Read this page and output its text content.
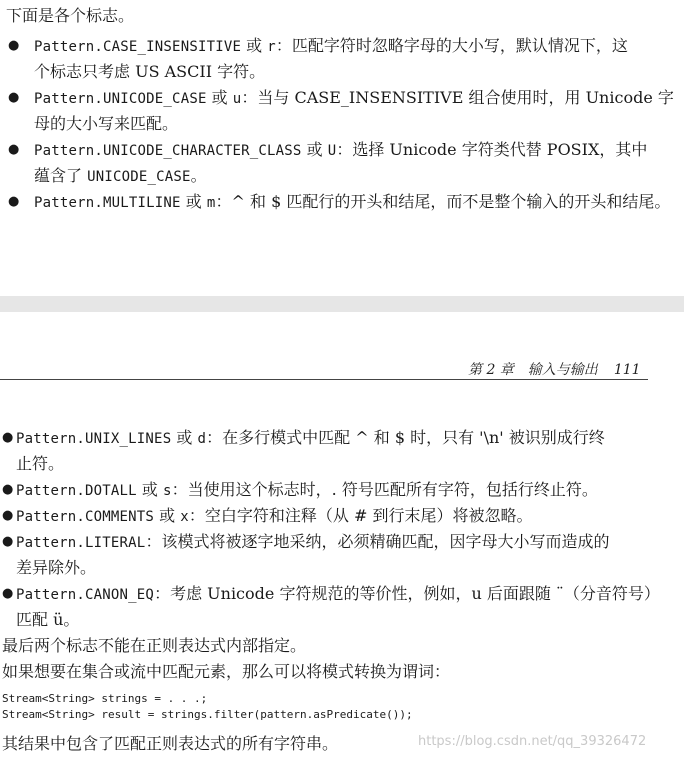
下面是各个标志。
● Pattern.CASE_INSENSITIVE 或 r：匹配字符时忽略字母的大小写，默认情况下，这
个标志只考虑 US ASCII 字符。
● Pattern.UNICODE_CASE 或 u：当与 CASE_INSENSITIVE 组合使用时，用 Unicode 字
母的大小写来匹配。
● Pattern.UNICODE_CHARACTER_CLASS 或 U：选择 Unicode 字符类代替 POSIX，其中
蕴含了 UNICODE_CASE。
● Pattern.MULTILINE 或 m：^ 和 $ 匹配行的开头和结尾，而不是整个输入的开头和结尾。
第 2 章　输入与输出 111
● Pattern.UNIX_LINES 或 d：在多行模式中匹配 ^ 和 $ 时，只有 '\n' 被识别成行终
止符。
● Pattern.DOTALL 或 s：当使用这个标志时，. 符号匹配所有字符，包括行终止符。
● Pattern.COMMENTS 或 x：空白字符和注释（从 # 到行末尾）将被忽略。
● Pattern.LITERAL：该模式将被逐字地采纳，必须精确匹配，因字母大小写而造成的
差异除外。
● Pattern.CANON_EQ：考虑 Unicode 字符规范的等价性，例如，u 后面跟随 ¨（分音符号）
匹配 ü。
最后两个标志不能在正则表达式内部指定。
如果想要在集合或流中匹配元素，那么可以将模式转换为谓词：
Stream<String> strings = . . .;
Stream<String> result = strings.filter(pattern.asPredicate());
其结果中包含了匹配正则表达式的所有字符串。	https://blog.csdn.net/qq_39326472
